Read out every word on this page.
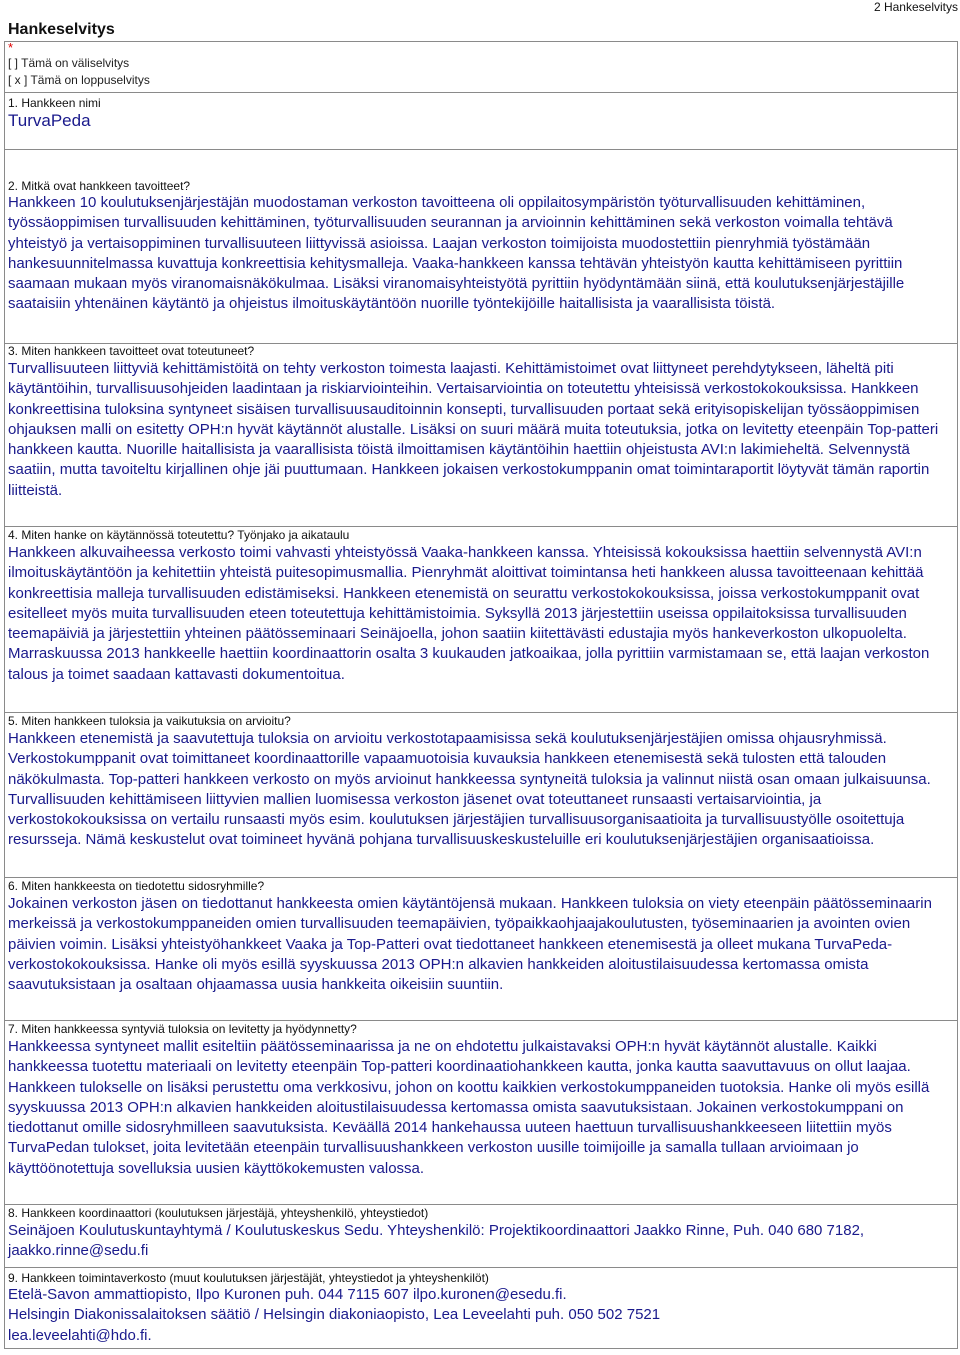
Hankeselvitys
2 Hankeselvitys
*
[ ] Tämä on väliselvitys
[ x ] Tämä on loppuselvitys
1. Hankkeen nimi
TurvaPeda
2. Mitkä ovat hankkeen tavoitteet?
Hankkeen 10 koulutuksenjärjestäjän muodostaman verkoston tavoitteena oli oppilaitosympäristön työturvallisuuden kehittäminen, työssäoppimisen turvallisuuden kehittäminen, työturvallisuuden seurannan ja arvioinnin kehittäminen sekä verkoston voimalla tehtävä yhteistyö ja vertaisoppiminen turvallisuuteen liittyvissä asioissa. Laajan verkoston toimijoista muodostettiin pienryhmiä työstämään hankesuunnitelmassa kuvattuja konkreettisia kehitysmalleja. Vaaka-hankkeen kanssa tehtävän yhteistyön kautta kehittämiseen pyrittiin saamaan mukaan myös viranomaisnäkökulmaa. Lisäksi viranomaisyhteistyötä pyrittiin hyödyntämään siinä, että koulutuksenjärjestäjille saataisiin yhtenäinen käytäntö ja ohjeistus ilmoituskäytäntöön nuorille työntekijöille haitallisista ja vaarallisista töistä.
3. Miten hankkeen tavoitteet ovat toteutuneet?
Turvallisuuteen liittyviä kehittämistöitä on tehty verkoston toimesta laajasti. Kehittämistoimet ovat liittyneet perehdytykseen, läheltä piti käytäntöihin, turvallisuusohjeiden laadintaan ja riskiarviointeihin. Vertaisarviointia on toteutettu yhteisissä verkostokokouksissa. Hankkeen konkreettisina tuloksina syntyneet sisäisen turvallisuusauditoinnin konsepti, turvallisuuden portaat sekä erityisopiskelijan työssäoppimisen ohjauksen malli on esitetty OPH:n hyvät käytännöt alustalle. Lisäksi on suuri määrä muita toteutuksia, jotka on levitetty eteenpäin Top-patteri hankkeen kautta. Nuorille haitallisista ja vaarallisista töistä ilmoittamisen käytäntöihin haettiin ohjeistusta AVI:n lakimieheltä. Selvennystä saatiin, mutta tavoiteltu kirjallinen ohje jäi puuttumaan. Hankkeen jokaisen verkostokumppanin omat toimintaraportit löytyvät tämän raportin liitteistä.
4. Miten hanke on käytännössä toteutettu? Työnjako ja aikataulu
Hankkeen alkuvaiheessa verkosto toimi vahvasti yhteistyössä Vaaka-hankkeen kanssa. Yhteisissä kokouksissa haettiin selvennystä AVI:n ilmoituskäytäntöön ja kehitettiin yhteistä puitesopimusmallia. Pienryhmät aloittivat toimintansa heti hankkeen alussa tavoitteenaan kehittää konkreettisia malleja turvallisuuden edistämiseksi. Hankkeen etenemistä on seurattu verkostokokouksissa, joissa verkostokumppanit ovat esitelleet myös muita turvallisuuden eteen toteutettuja kehittämistoimia. Syksyllä 2013 järjestettiin useissa oppilaitoksissa turvallisuuden teemapäiviä ja järjestettiin yhteinen päätösseminaari Seinäjoella, johon saatiin kiitettävästi edustajia myös hankeverkoston ulkopuolelta. Marraskuussa 2013 hankkeelle haettiin koordinaattorin osalta 3 kuukauden jatkoaikaa, jolla pyrittiin varmistamaan se, että laajan verkoston talous ja toimet saadaan kattavasti dokumentoitua.
5. Miten hankkeen tuloksia ja vaikutuksia on arvioitu?
Hankkeen etenemistä ja saavutettuja tuloksia on arvioitu verkostotapaamisissa sekä koulutuksenjärjestäjien omissa ohjausryhmissä. Verkostokumppanit ovat toimittaneet koordinaattorille vapaamuotoisia kuvauksia hankkeen etenemisestä sekä tulosten että talouden näkökulmasta. Top-patteri hankkeen verkosto on myös arvioinut hankkeessa syntyneitä tuloksia ja valinnut niistä osan omaan julkaisuunsa. Turvallisuuden kehittämiseen liittyvien mallien luomisessa verkoston jäsenet ovat toteuttaneet runsaasti vertaisarviointia, ja verkostokokouksissa on vertailu runsaasti myös esim. koulutuksen järjestäjien turvallisuusorganisaatioita ja turvallisuustyölle osoitettuja resursseja. Nämä keskustelut ovat toimineet hyvänä pohjana turvallisuuskeskusteluille eri koulutuksenjärjestäjien organisaatioissa.
6. Miten hankkeesta on tiedotettu sidosryhmille?
Jokainen verkoston jäsen on tiedottanut hankkeesta omien käytäntöjensä mukaan. Hankkeen tuloksia on viety eteenpäin päätösseminaarin merkeissä ja verkostokumppaneiden omien turvallisuuden teemapäivien, työpaikkaohjaajakoulutusten, työseminaarien ja avointen ovien päivien voimin. Lisäksi yhteistyöhankkeet Vaaka ja Top-Patteri ovat tiedottaneet hankkeen etenemisestä ja olleet mukana TurvaPeda-verkostokokouksissa. Hanke oli myös esillä syyskuussa 2013 OPH:n alkavien hankkeiden aloitustilaisuudessa kertomassa omista saavutuksistaan ja osaltaan ohjaamassa uusia hankkeita oikeisiin suuntiin.
7. Miten hankkeessa syntyviä tuloksia on levitetty ja hyödynnetty?
Hankkeessa syntyneet mallit esiteltiin päätösseminaarissa ja ne on ehdotettu julkaistavaksi OPH:n hyvät käytännöt alustalle. Kaikki hankkeessa tuotettu materiaali on levitetty eteenpäin Top-patteri koordinaatiohankkeen kautta, jonka kautta saavuttavuus on ollut laajaa. Hankkeen tulokselle on lisäksi perustettu oma verkkosivu, johon on koottu kaikkien verkostokumppaneiden tuotoksia. Hanke oli myös esillä syyskuussa 2013 OPH:n alkavien hankkeiden aloitustilaisuudessa kertomassa omista saavutuksistaan. Jokainen verkostokumppani on tiedottanut omille sidosryhmilleen saavutuksista. Keväällä 2014 hankehaussa uuteen haettuun turvallisuushankkeeseen liitettiin myös TurvaPedan tulokset, joita levitetään eteenpäin turvallisuushankkeen verkoston uusille toimijoille ja samalla tullaan arvioimaan jo käyttöönotettuja sovelluksia uusien käyttökokemusten valossa.
8. Hankkeen koordinaattori (koulutuksen järjestäjä, yhteyshenkilö, yhteystiedot)
Seinäjoen Koulutuskuntayhtymä / Koulutuskeskus Sedu. Yhteyshenkilö: Projektikoordinaattori Jaakko Rinne, Puh. 040 680 7182, jaakko.rinne@sedu.fi
9. Hankkeen toimintaverkosto (muut koulutuksen järjestäjät, yhteystiedot ja yhteyshenkilöt)
Etelä-Savon ammattiopisto, Ilpo Kuronen puh. 044 7115 607 ilpo.kuronen@esedu.fi.
Helsingin Diakonissalaitoksen säätiö / Helsingin diakoniaopisto, Lea Leveelahti puh. 050 502 7521
lea.leveelahti@hdo.fi.
